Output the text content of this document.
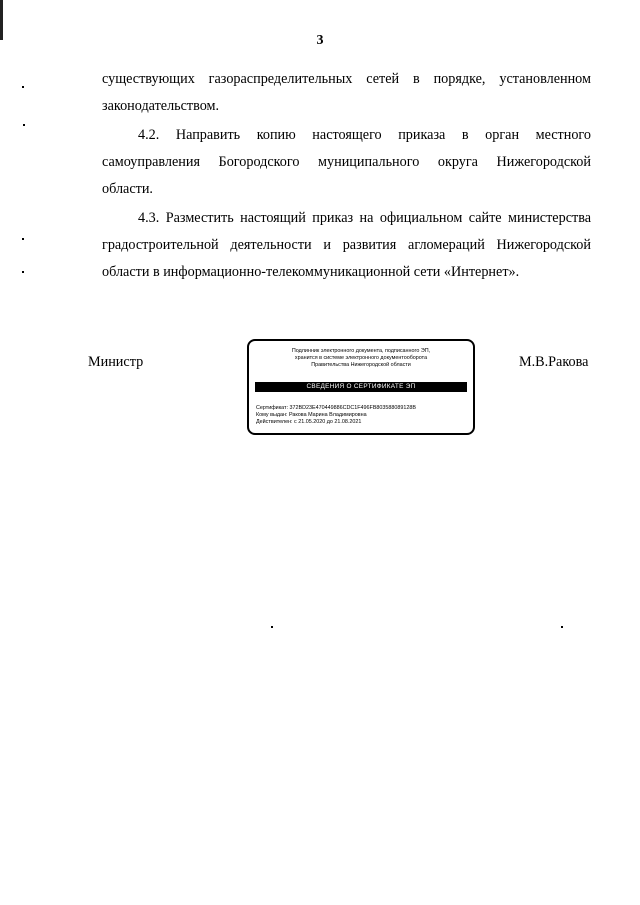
3
существующих газораспределительных сетей в порядке, установленном
законодательством.
4.2. Направить копию настоящего приказа в орган местного
самоуправления Богородского муниципального округа Нижегородской
области.
4.3. Разместить настоящий приказ на официальном сайте министерства
градостроительной деятельности и развития агломераций Нижегородской
области в информационно-телекоммуникационной сети «Интернет».
Министр
Подлинник электронного документа, подписанного ЭП,
хранится в системе электронного документооборота
Правительства Нижегородской области
СВЕДЕНИЯ О СЕРТИФИКАТЕ ЭП
Сертификат: 372BD23E470449886CDC1F496FB803588089128B
Кому выдан: Ракова Марина Владимировна
Действителен: с 21.05.2020 до 21.08.2021
М.В.Ракова
